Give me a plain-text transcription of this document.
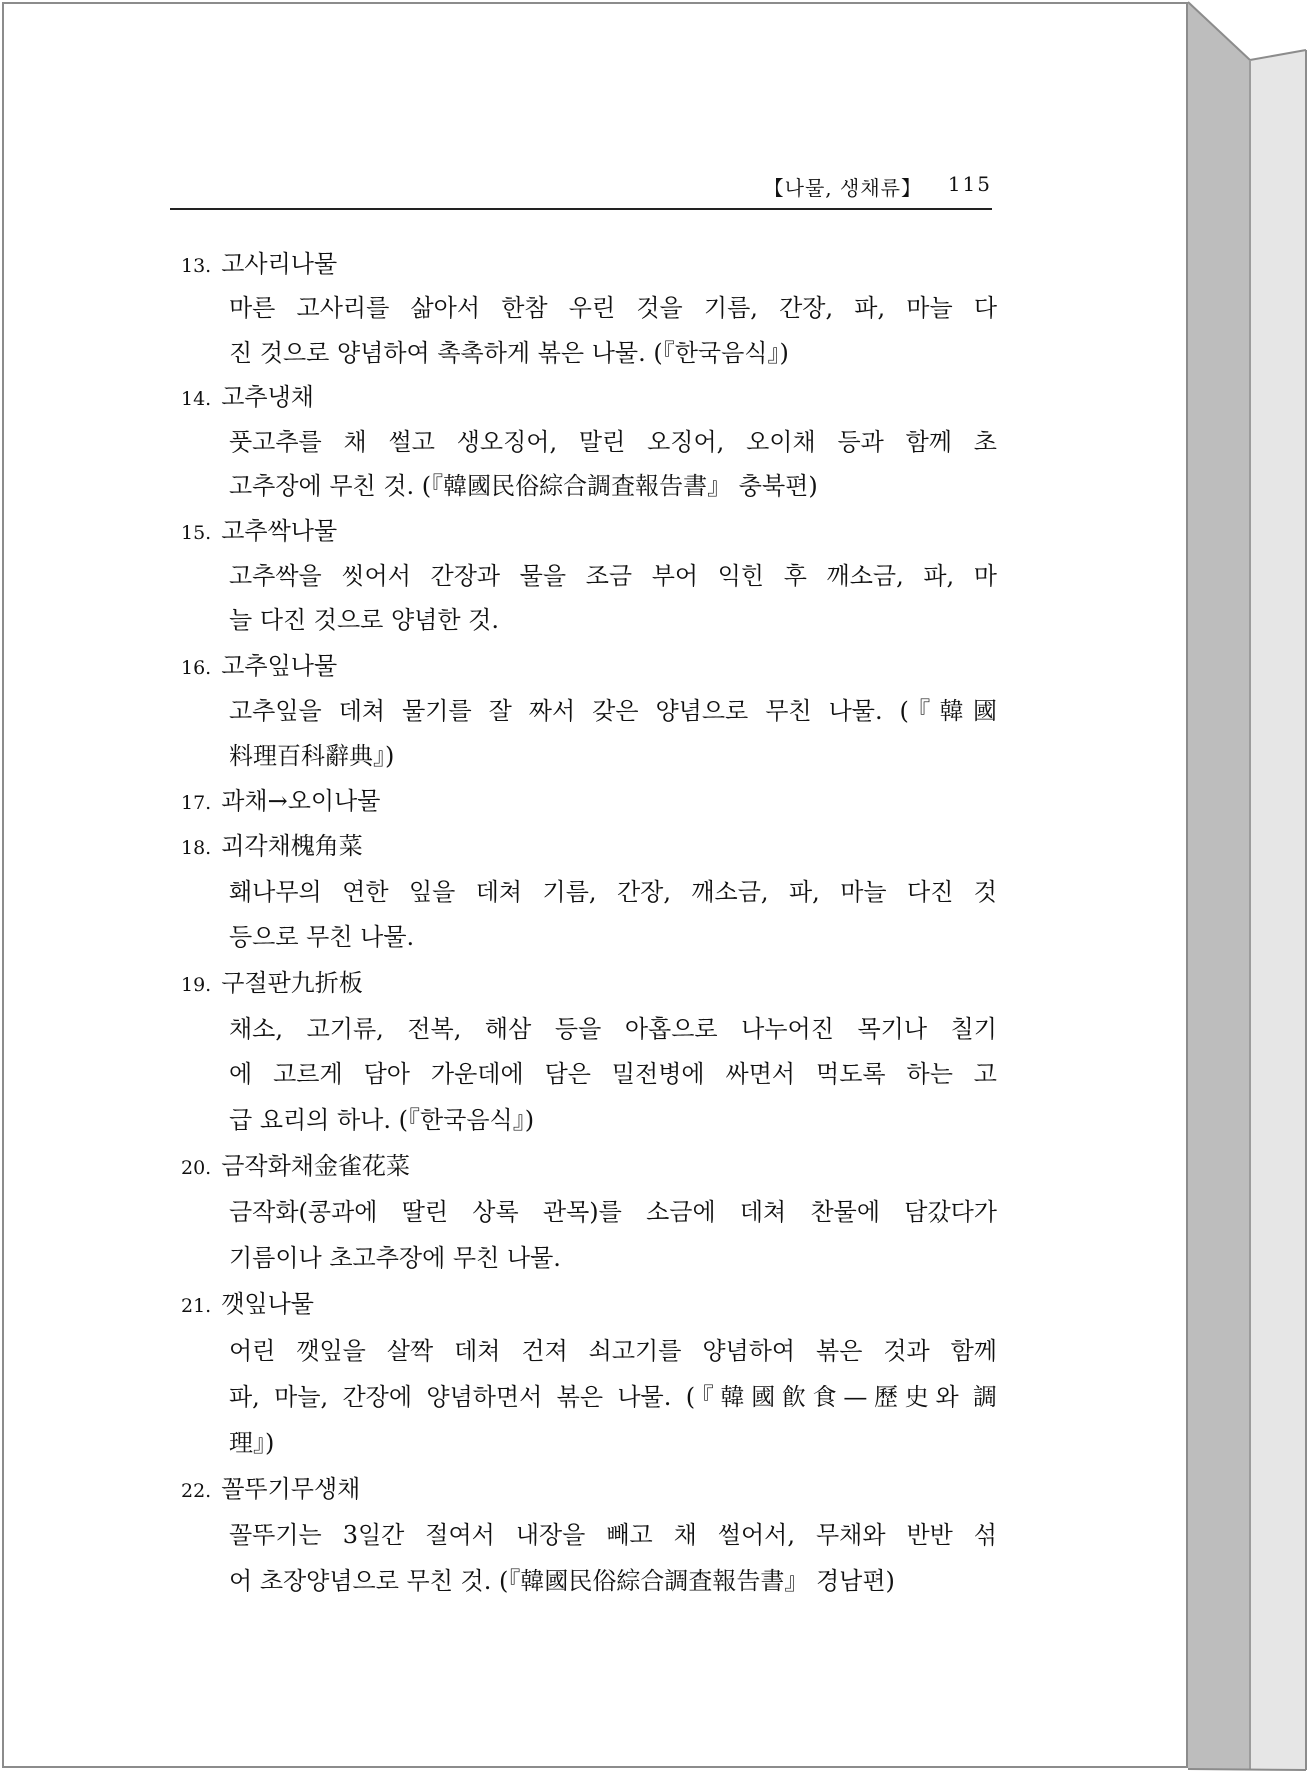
【나물, 생채류】 115
13. 고사리나물
마른 고사리를 삶아서 한참 우린 것을 기름, 간장, 파, 마늘 다
진 것으로 양념하여 촉촉하게 볶은 나물. (『한국음식』)
14. 고추냉채
풋고추를 채 썰고 생오징어, 말린 오징어, 오이채 등과 함께 초
고추장에 무친 것. (『韓國民俗綜合調査報告書』 충북편)
15. 고추싹나물
고추싹을 씻어서 간장과 물을 조금 부어 익힌 후 깨소금, 파, 마
늘 다진 것으로 양념한 것.
16. 고추잎나물
고추잎을 데쳐 물기를 잘 짜서 갖은 양념으로 무친 나물. (『韓國
料理百科辭典』)
17. 과채→오이나물
18. 괴각채槐角菜
홰나무의 연한 잎을 데쳐 기름, 간장, 깨소금, 파, 마늘 다진 것
등으로 무친 나물.
19. 구절판九折板
채소, 고기류, 전복, 해삼 등을 아홉으로 나누어진 목기나 칠기
에 고르게 담아 가운데에 담은 밀전병에 싸면서 먹도록 하는 고
급 요리의 하나. (『한국음식』)
20. 금작화채金雀花菜
금작화(콩과에 딸린 상록 관목)를 소금에 데쳐 찬물에 담갔다가
기름이나 초고추장에 무친 나물.
21. 깻잎나물
어린 깻잎을 살짝 데쳐 건져 쇠고기를 양념하여 볶은 것과 함께
파, 마늘, 간장에 양념하면서 볶은 나물. (『韓國飮食—歷史와 調
理』)
22. 꼴뚜기무생채
꼴뚜기는 3일간 절여서 내장을 빼고 채 썰어서, 무채와 반반 섞
어 초장양념으로 무친 것. (『韓國民俗綜合調査報告書』 경남편)
